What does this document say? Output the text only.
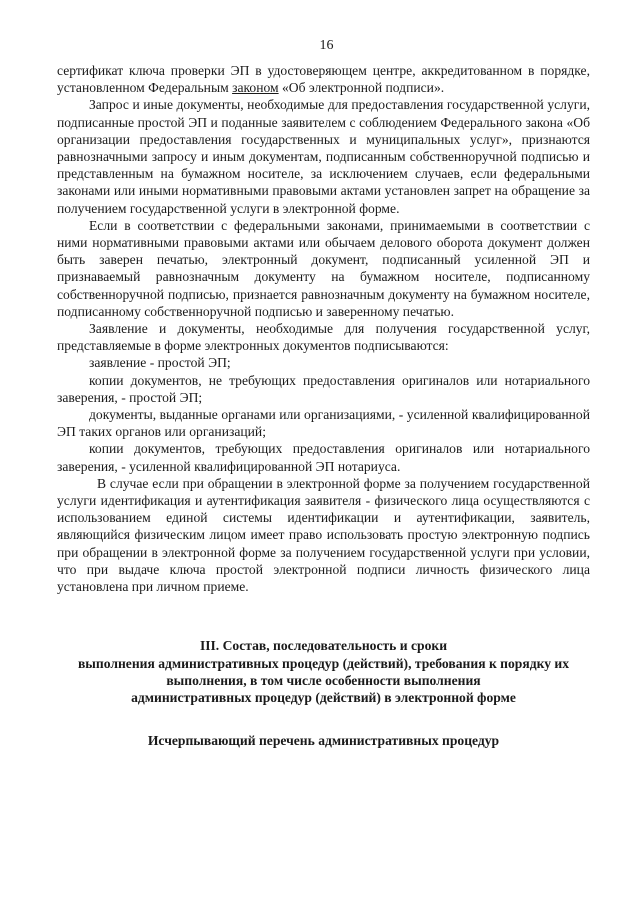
16

сертификат ключа проверки ЭП в удостоверяющем центре, аккредитованном в порядке, установленном Федеральным законом «Об электронной подписи».

Запрос и иные документы, необходимые для предоставления государственной услуги, подписанные простой ЭП и поданные заявителем с соблюдением Федерального закона «Об организации предоставления государственных и муниципальных услуг», признаются равнозначными запросу и иным документам, подписанным собственноручной подписью и представленным на бумажном носителе, за исключением случаев, если федеральными законами или иными нормативными правовыми актами установлен запрет на обращение за получением государственной услуги в электронной форме.

Если в соответствии с федеральными законами, принимаемыми в соответствии с ними нормативными правовыми актами или обычаем делового оборота документ должен быть заверен печатью, электронный документ, подписанный усиленной ЭП и признаваемый равнозначным документу на бумажном носителе, подписанному собственноручной подписью, признается равнозначным документу на бумажном носителе, подписанному собственноручной подписью и заверенному печатью.

Заявление и документы, необходимые для получения государственной услуг, представляемые в форме электронных документов подписываются:

заявление - простой ЭП;

копии документов, не требующих предоставления оригиналов или нотариального заверения, - простой ЭП;

документы, выданные органами или организациями, - усиленной квалифицированной ЭП таких органов или организаций;

копии документов, требующих предоставления оригиналов или нотариального заверения, - усиленной квалифицированной ЭП нотариуса.

В случае если при обращении в электронной форме за получением государственной услуги идентификация и аутентификация заявителя - физического лица осуществляются с использованием единой системы идентификации и аутентификации, заявитель, являющийся физическим лицом имеет право использовать простую электронную подпись при обращении в электронной форме за получением государственной услуги при условии, что при выдаче ключа простой электронной подписи личность физического лица установлена при личном приеме.

III. Состав, последовательность и сроки
выполнения административных процедур (действий), требования к порядку их
выполнения, в том числе особенности выполнения
административных процедур (действий) в электронной форме
Исчерпывающий перечень административных процедур
